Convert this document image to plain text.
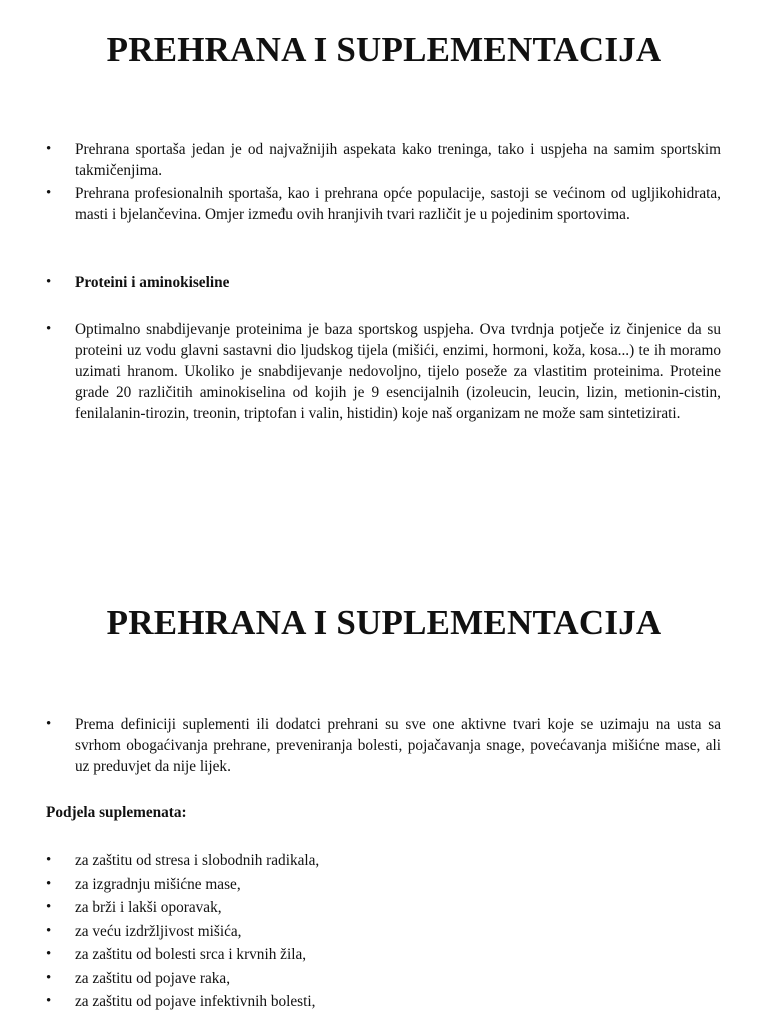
PREHRANA I SUPLEMENTACIJA
• Prehrana sportaša jedan je od najvažnijih aspekata kako treninga, tako i uspjeha na samim sportskim takmičenjima.
• Prehrana profesionalnih sportaša, kao i prehrana opće populacije, sastoji se većinom od ugljikohidrata, masti i bjelančevina. Omjer između ovih hranjivih tvari različit je u pojedinim sportovima.
• Proteini i aminokiseline
• Optimalno snabdijevanje proteinima je baza sportskog uspjeha. Ova tvrdnja potječe iz činjenice da su proteini uz vodu glavni sastavni dio ljudskog tijela (mišići, enzimi, hormoni, koža, kosa...) te ih moramo uzimati hranom. Ukoliko je snabdijevanje nedovoljno, tijelo poseže za vlastitim proteinima. Proteine grade 20 različitih aminokiselina od kojih je 9 esencijalnih (izoleucin, leucin, lizin, metionin-cistin, fenilalanin-tirozin, treonin, triptofan i valin, histidin) koje naš organizam ne može sam sintetizirati.
PREHRANA I SUPLEMENTACIJA
• Prema definiciji suplementi ili dodatci prehrani su sve one aktivne tvari koje se uzimaju na usta sa svrhom obogaćivanja prehrane, preveniranja bolesti, pojačavanja snage, povećavanja mišićne mase, ali uz preduvjet da nije lijek.
Podjela suplemenata:
• za zaštitu od stresa i slobodnih radikala,
• za izgradnju mišićne mase,
• za brži i lakši oporavak,
• za veću izdržljivost mišića,
• za zaštitu od bolesti srca i krvnih žila,
• za zaštitu od pojave raka,
• za zaštitu od pojave infektivnih bolesti,
